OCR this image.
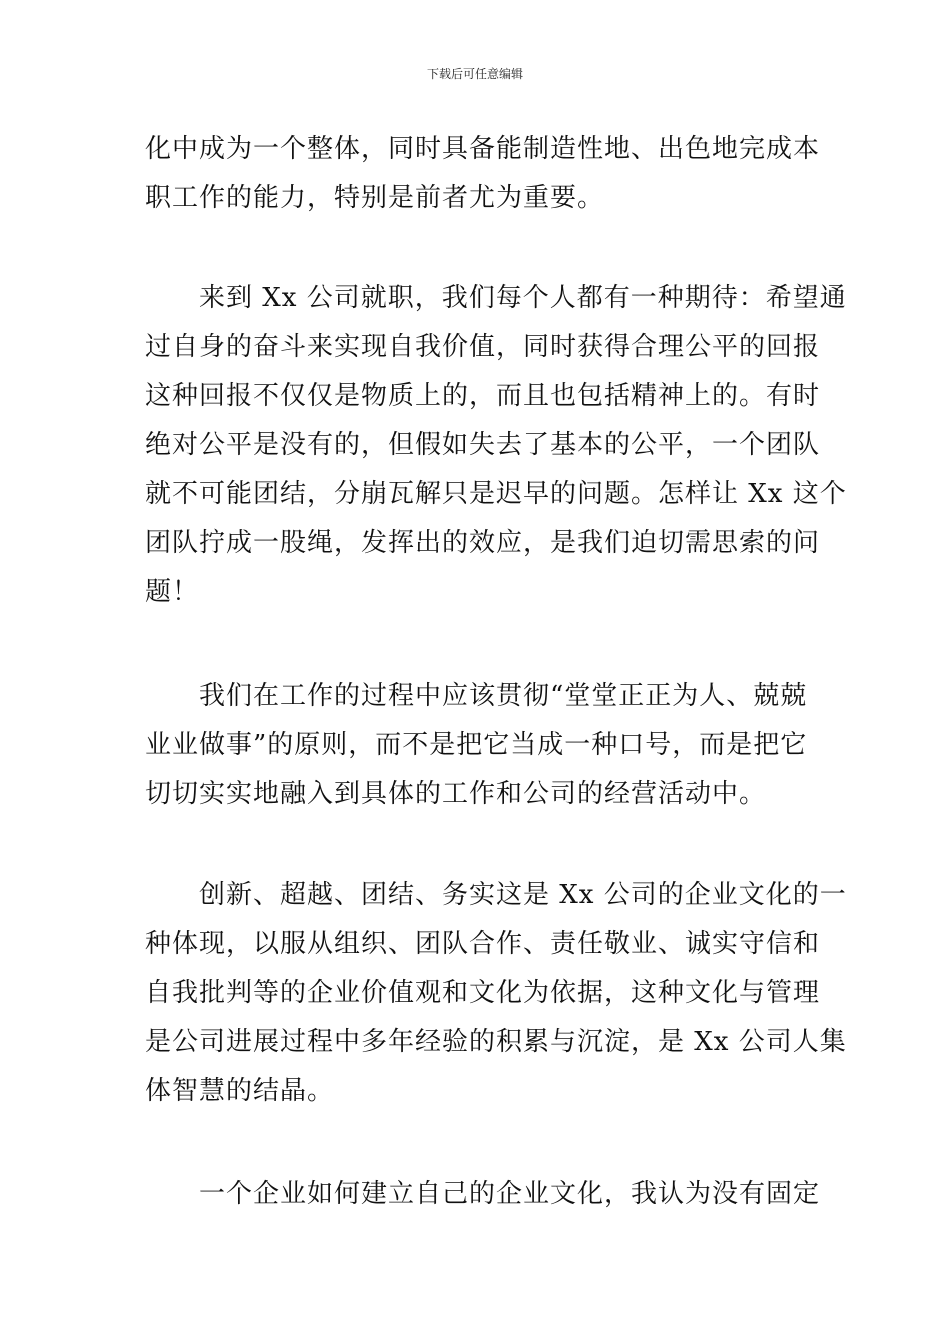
下载后可任意编辑
化中成为一个整体，同时具备能制造性地、出色地完成本
职工作的能力，特别是前者尤为重要。
来到 Xx 公司就职，我们每个人都有一种期待：希望通
过自身的奋斗来实现自我价值，同时获得合理公平的回报
这种回报不仅仅是物质上的，而且也包括精神上的。有时
绝对公平是没有的，但假如失去了基本的公平，一个团队
就不可能团结，分崩瓦解只是迟早的问题。怎样让 Xx 这个
团队拧成一股绳，发挥出的效应，是我们迫切需思索的问
题！
我们在工作的过程中应该贯彻“堂堂正正为人、兢兢
业业做事”的原则，而不是把它当成一种口号，而是把它
切切实实地融入到具体的工作和公司的经营活动中。
创新、超越、团结、务实这是 Xx 公司的企业文化的一
种体现，以服从组织、团队合作、责任敬业、诚实守信和
自我批判等的企业价值观和文化为依据，这种文化与管理
是公司进展过程中多年经验的积累与沉淀，是 Xx 公司人集
体智慧的结晶。
一个企业如何建立自己的企业文化，我认为没有固定
